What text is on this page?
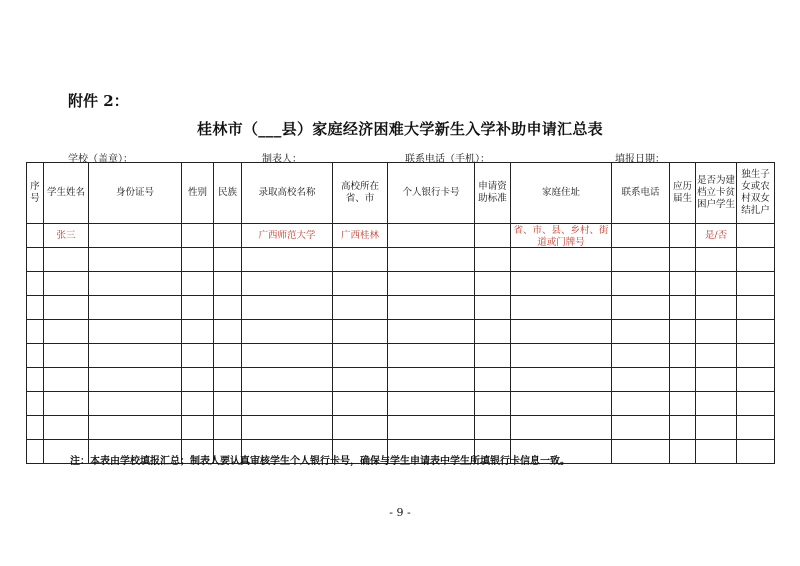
附件 2：
桂林市（___县）家庭经济困难大学新生入学补助申请汇总表
学校（盖章）：	制表人：	联系电话（手机）：	填报日期：
序号	学生姓名	身份证号	性别	民族	录取高校名称	高校所在省、市	个人银行卡号	申请资助标准	家庭住址	联系电话	应历届生	是否为建档立卡贫困户学生	独生子女或农村双女结扎户

	张三				广西师范大学	广西桂林			省、市、县、乡村、街道或门牌号			是/否	

注：本表由学校填报汇总；制表人要认真审核学生个人银行卡号，确保与学生申请表中学生所填银行卡信息一致。
- 9 -
